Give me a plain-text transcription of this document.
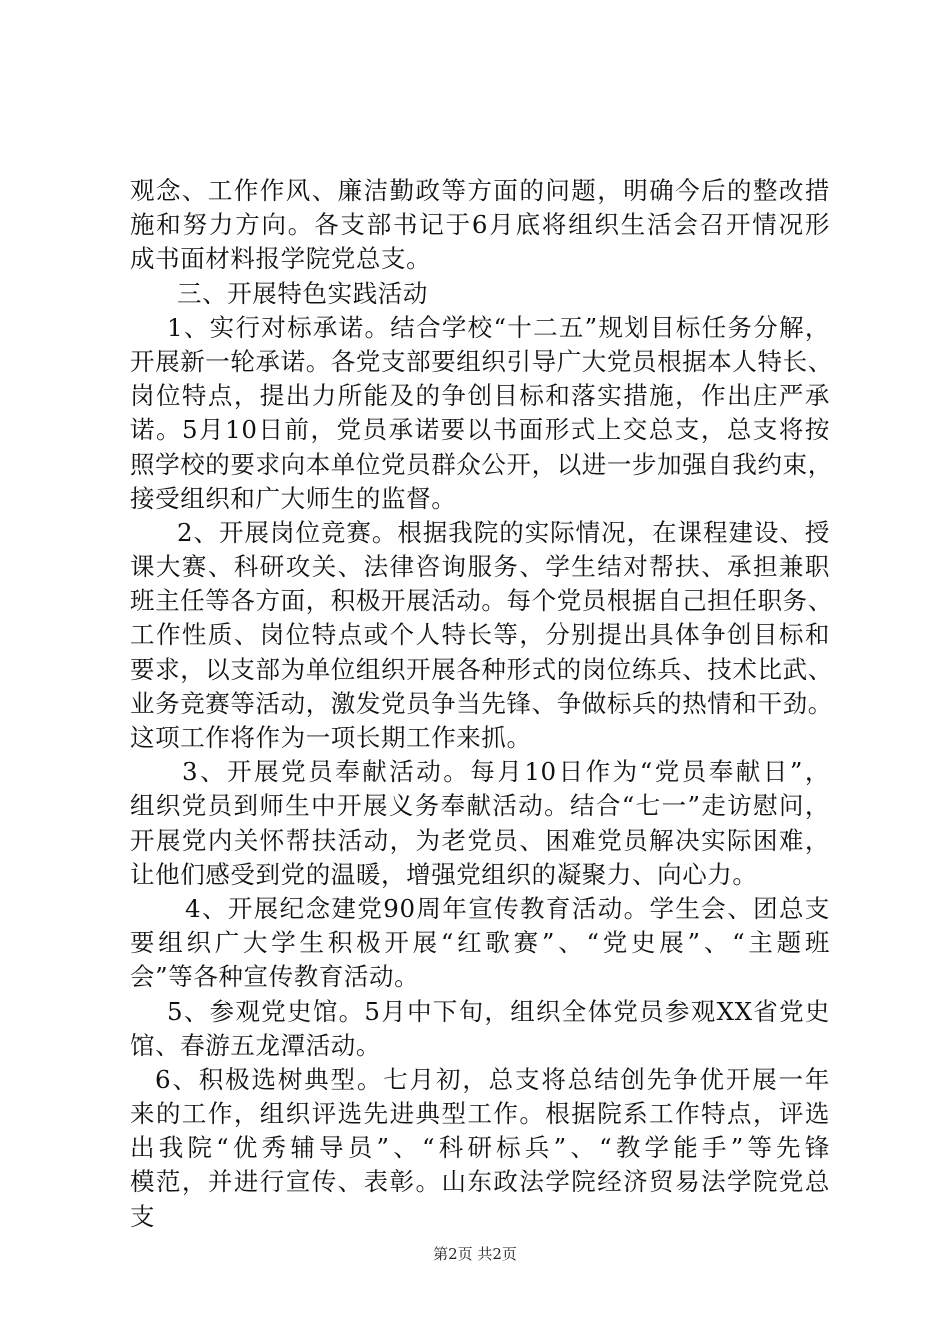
观念、工作作风、廉洁勤政等方面的问题，明确今后的整改措
施和努力方向。各支部书记于6月底将组织生活会召开情况形
成书面材料报学院党总支。
三、开展特色实践活动
1、实行对标承诺。结合学校“十二五”规划目标任务分解，
开展新一轮承诺。各党支部要组织引导广大党员根据本人特长、
岗位特点，提出力所能及的争创目标和落实措施，作出庄严承
诺。5月10日前，党员承诺要以书面形式上交总支，总支将按
照学校的要求向本单位党员群众公开，以进一步加强自我约束，
接受组织和广大师生的监督。
2、开展岗位竞赛。根据我院的实际情况，在课程建设、授
课大赛、科研攻关、法律咨询服务、学生结对帮扶、承担兼职
班主任等各方面，积极开展活动。每个党员根据自己担任职务、
工作性质、岗位特点或个人特长等，分别提出具体争创目标和
要求，以支部为单位组织开展各种形式的岗位练兵、技术比武、
业务竞赛等活动，激发党员争当先锋、争做标兵的热情和干劲。
这项工作将作为一项长期工作来抓。
3、开展党员奉献活动。每月10日作为“党员奉献日”，
组织党员到师生中开展义务奉献活动。结合“七一”走访慰问，
开展党内关怀帮扶活动，为老党员、困难党员解决实际困难，
让他们感受到党的温暖，增强党组织的凝聚力、向心力。
4、开展纪念建党90周年宣传教育活动。学生会、团总支
要组织广大学生积极开展“红歌赛”、“党史展”、“主题班
会”等各种宣传教育活动。
5、参观党史馆。5月中下旬，组织全体党员参观XX省党史
馆、春游五龙潭活动。
6、积极选树典型。七月初，总支将总结创先争优开展一年
来的工作，组织评选先进典型工作。根据院系工作特点，评选
出我院“优秀辅导员”、“科研标兵”、“教学能手”等先锋
模范，并进行宣传、表彰。山东政法学院经济贸易法学院党总
支
第2页 共2页
